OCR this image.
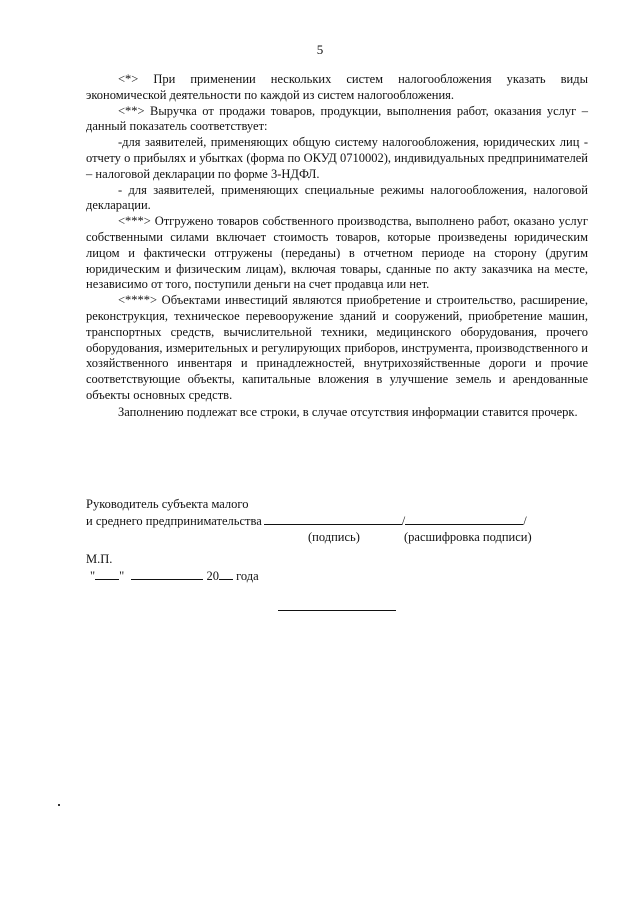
5

<*> При применении нескольких систем налогообложения указать виды экономической деятельности по каждой из систем налогообложения.

<**> Выручка от продажи товаров, продукции, выполнения работ, оказания услуг – данный показатель соответствует:

-для заявителей, применяющих общую систему налогообложения, юридических лиц - отчету о прибылях и убытках (форма по ОКУД 0710002), индивидуальных предпринимателей – налоговой декларации по форме 3-НДФЛ.

- для заявителей, применяющих специальные режимы налогообложения, налоговой декларации.

<***> Отгружено товаров собственного производства, выполнено работ, оказано услуг собственными силами включает стоимость товаров, которые произведены юридическим лицом и фактически отгружены (переданы) в отчетном периоде на сторону (другим юридическим и физическим лицам), включая товары, сданные по акту заказчика на месте, независимо от того, поступили деньги на счет продавца или нет.

<****> Объектами инвестиций являются приобретение и строительство, расширение, реконструкция, техническое перевооружение зданий и сооружений, приобретение машин, транспортных средств, вычислительной техники, медицинского оборудования, прочего оборудования, измерительных и регулирующих приборов, инструмента, производственного и хозяйственного инвентаря и принадлежностей, внутрихозяйственные дороги и прочие соответствующие объекты, капитальные вложения в улучшение земель и арендованные объекты основных средств.

Заполнению подлежат все строки, в случае отсутствия информации ставится прочерк.

Руководитель субъекта малого
и среднего предпринимательства	/	/
(подпись)	(расшифровка подписи)
М.П.
" "	20 года
